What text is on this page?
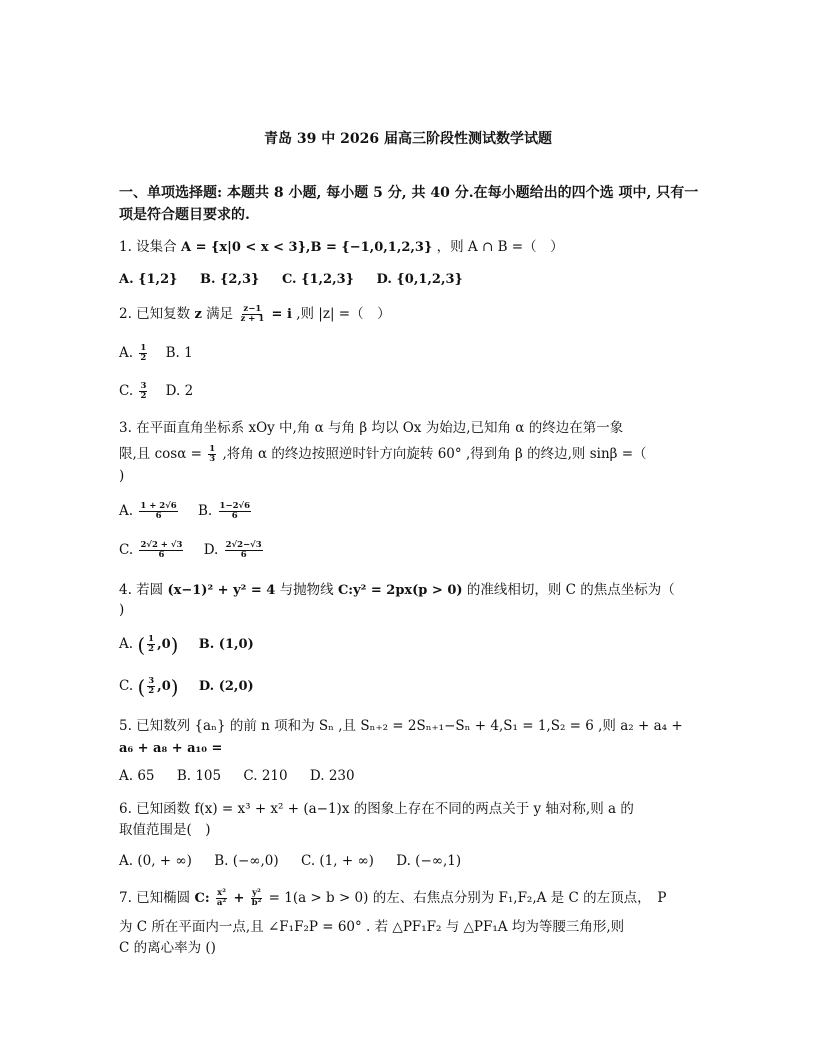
青岛 39 中 2026 届高三阶段性测试数学试题
一、单项选择题: 本题共 8 小题, 每小题 5 分, 共 40 分.在每小题给出的四个选 项中, 只有一项是符合题目要求的.
1. 设集合 A = {x|0 < x < 3},B = {−1,0,1,2,3} ，则 A ∩ B =（　）
A. {1,2} B. {2,3} C. {1,2,3} D. {0,1,2,3}
2. 已知复数 z 满足 $\frac{z-1}{z + 1} = i$ ,则 |z| =（　）
A. $\frac{1}{2} B$. 1
C. $\frac{3}{2} D$. 2
3. 在平面直角坐标系 xOy 中,角 α 与角 β 均以 Ox 为始边,已知角 α 的终边在第一象
限,且 $\cos\alpha = \frac{1}{3}$ ,将角 α 的终边按照逆时针方向旋转 60° ,得到角 β 的终边,则 sinβ =（
)
A. $\frac{1 + 2√6}{6} B$. $\frac{1-2√6}{6}$
C. $\frac{2√2 + √3}{6} D$. $\frac{2√2-√3}{6}$
4. 若圆 (x−1)² + y² = 4 与抛物线 C:y² = 2px(p > 0) 的准线相切，则 C 的焦点坐标为（
)
A. ( $\frac{1}{2} ,0$ ) B. (1,0)
C. ( $\frac{3}{2} ,0$ ) D. (2,0)
5. 已知数列 {aₙ} 的前 n 项和为 Sₙ ,且 Sₙ₊₂ = 2Sₙ₊₁−Sₙ + 4,S₁ = 1,S₂ = 6 ,则 a₂ + a₄ +
a₆ + a₈ + a₁₀ =
A. 65 B. 105 C. 210 D. 230
6. 已知函数 f(x) = x³ + x² + (a−1)x 的图象上存在不同的两点关于 y 轴对称,则 a 的
取值范围是(　)
A. (0, + ∞) B. (−∞,0) C. (1, + ∞) D. (−∞,1)
7. 已知椭圆 C: $\frac{\text{x²}}{\text{a²}} + \frac{\text{y²}}{\text{b²}} = 1(a > b > 0)$ 的左、右焦点分别为 F₁,F₂,A 是 C 的左顶点，　P
为 C 所在平面内一点,且 ∠F₁F₂P = 60° . 若 △PF₁F₂ 与 △PF₁A 均为等腰三角形,则
C 的离心率为 ()
